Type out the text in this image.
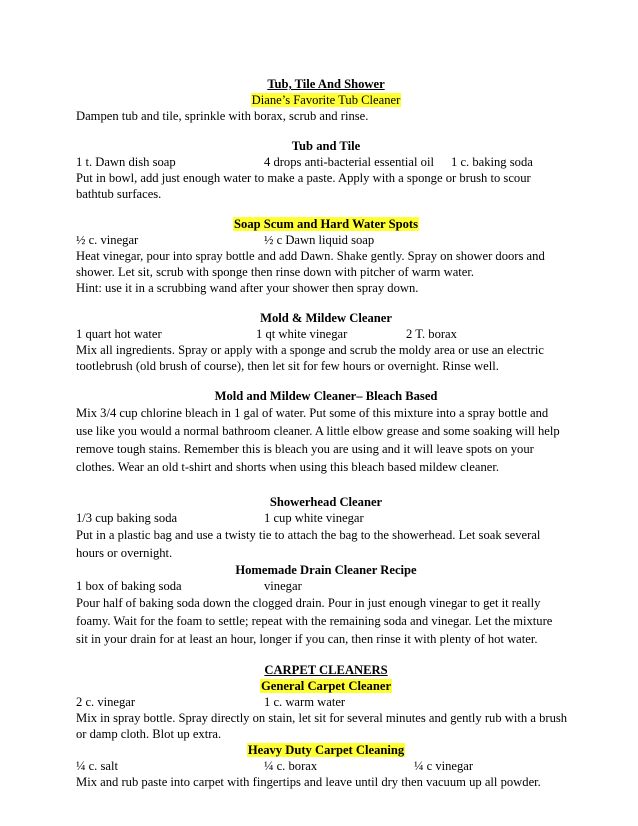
Tub, Tile And Shower
Diane’s Favorite Tub Cleaner

Dampen tub and tile, sprinkle with borax, scrub and rinse.

Tub and Tile
1 t. Dawn dish soap	4 drops anti-bacterial essential oil	1 c. baking soda

Put in bowl, add just enough water to make a paste. Apply with a sponge or brush to scour

bathtub surfaces.

Soap Scum and Hard Water Spots
½ c. vinegar	½ c Dawn liquid soap

Heat vinegar, pour into spray bottle and add Dawn. Shake gently. Spray on shower doors and

shower. Let sit, scrub with sponge then rinse down with pitcher of warm water.

Hint: use it in a scrubbing wand after your shower then spray down.

Mold & Mildew Cleaner
1 quart hot water	1 qt white vinegar	2 T. borax

Mix all ingredients. Spray or apply with a sponge and scrub the moldy area or use an electric

tootlebrush (old brush of course), then let sit for few hours or overnight. Rinse well.

Mold and Mildew Cleaner– Bleach Based

Mix 3/4 cup chlorine bleach in 1 gal of water. Put some of this mixture into a spray bottle and

use like you would a normal bathroom cleaner. A little elbow grease and some soaking will help

remove tough stains. Remember this is bleach you are using and it will leave spots on your

clothes. Wear an old t-shirt and shorts when using this bleach based mildew cleaner.

Showerhead Cleaner
1/3 cup baking soda	1 cup white vinegar

Put in a plastic bag and use a twisty tie to attach the bag to the showerhead. Let soak several

hours or overnight.

Homemade Drain Cleaner Recipe
1 box of baking soda	vinegar

Pour half of baking soda down the clogged drain. Pour in just enough vinegar to get it really

foamy. Wait for the foam to settle; repeat with the remaining soda and vinegar. Let the mixture

sit in your drain for at least an hour, longer if you can, then rinse it with plenty of hot water.

CARPET CLEANERS
General Carpet Cleaner
2 c. vinegar	1 c. warm water

Mix in spray bottle. Spray directly on stain, let sit for several minutes and gently rub with a brush

or damp cloth. Blot up extra.

Heavy Duty Carpet Cleaning
¼ c. salt	¼ c. borax	¼ c vinegar

Mix and rub paste into carpet with fingertips and leave until dry then vacuum up all powder.
